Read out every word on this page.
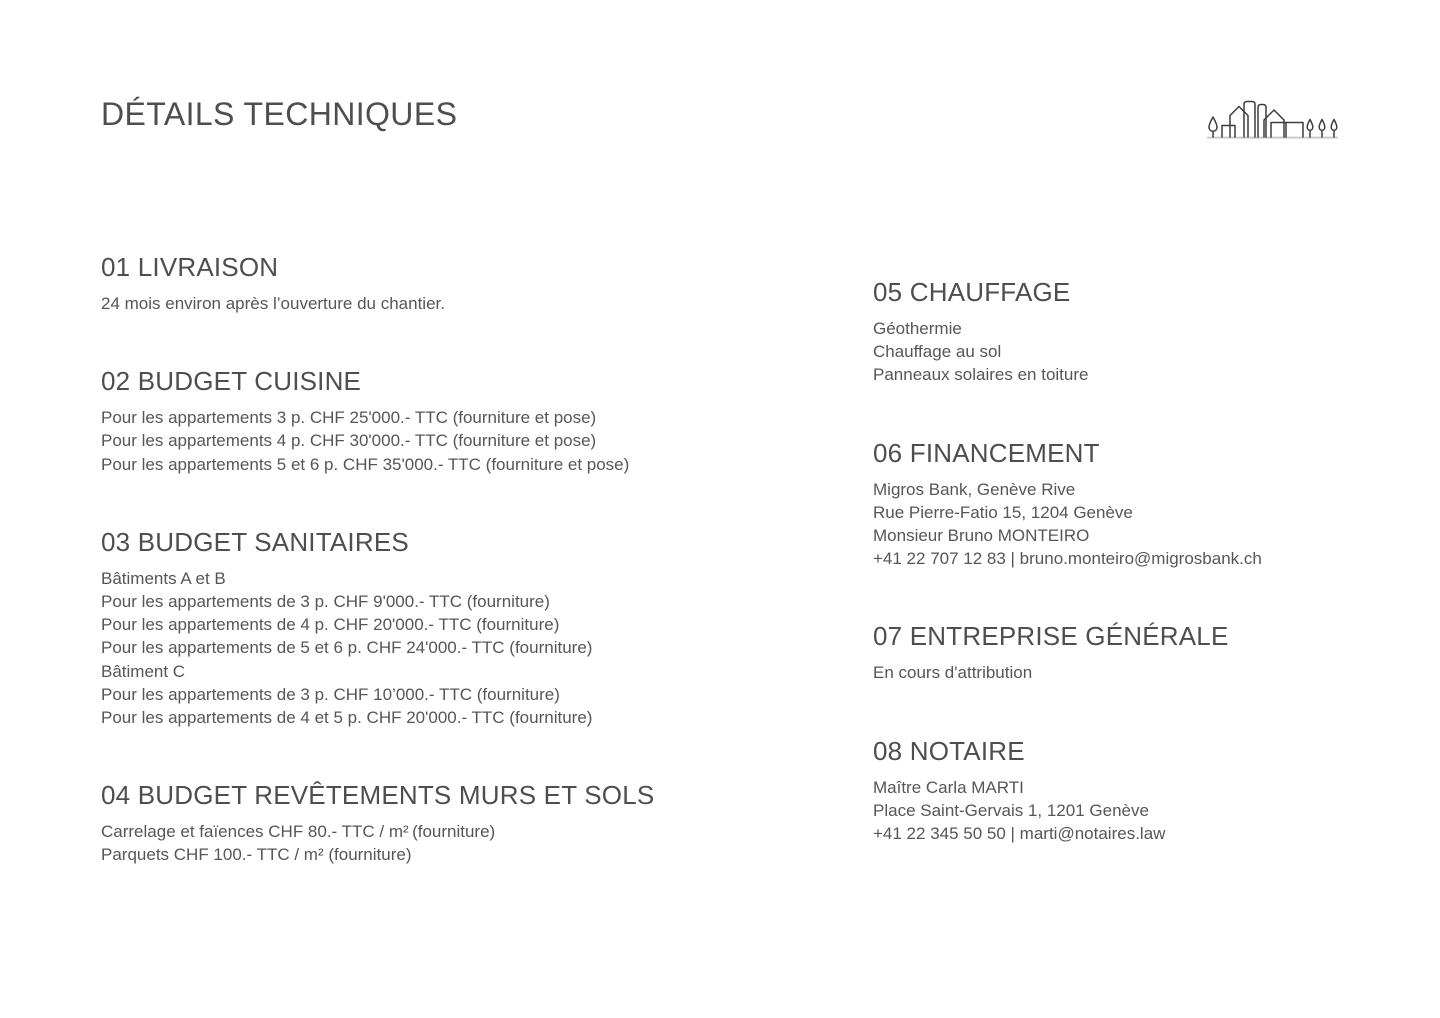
DÉTAILS TECHNIQUES
01 LIVRAISON

24 mois environ après l’ouverture du chantier.

02 BUDGET CUISINE

Pour les appartements 3 p. CHF 25'000.- TTC (fourniture et pose)

Pour les appartements 4 p. CHF 30'000.- TTC (fourniture et pose)

Pour les appartements 5 et 6 p. CHF 35'000.- TTC (fourniture et pose)

03 BUDGET SANITAIRES

Bâtiments A et B

Pour les appartements de 3 p. CHF 9'000.- TTC (fourniture)

Pour les appartements de 4 p. CHF 20'000.- TTC (fourniture)

Pour les appartements de 5 et 6 p. CHF 24'000.- TTC (fourniture)

Bâtiment C

Pour les appartements de 3 p. CHF 10’000.- TTC (fourniture)

Pour les appartements de 4 et 5 p. CHF 20'000.- TTC (fourniture)

04 BUDGET REVÊTEMENTS MURS ET SOLS

Carrelage et faïences CHF 80.- TTC / m² (fourniture)

Parquets CHF 100.- TTC / m² (fourniture)

05 CHAUFFAGE

Géothermie

Chauffage au sol

Panneaux solaires en toiture

06 FINANCEMENT

Migros Bank, Genève Rive

Rue Pierre-Fatio 15, 1204 Genève

Monsieur Bruno MONTEIRO

+41 22 707 12 83 | bruno.monteiro@migrosbank.ch

07 ENTREPRISE GÉNÉRALE

En cours d'attribution

08 NOTAIRE

Maître Carla MARTI

Place Saint-Gervais 1, 1201 Genève

+41 22 345 50 50 | marti@notaires.law
